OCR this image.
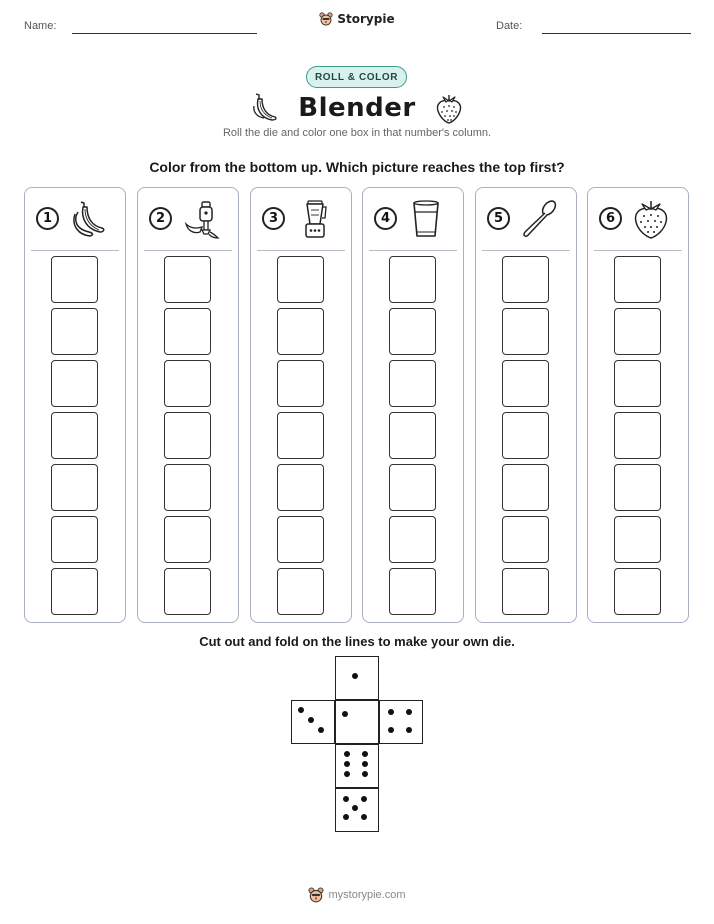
Name:	Storypie	Date:
ROLL & COLOR
Blender
Roll the die and color one box in that number's column.
Color from the bottom up. Which picture reaches the top first?
1	2	3	4	5	6
Cut out and fold on the lines to make your own die.
mystorypie.com
